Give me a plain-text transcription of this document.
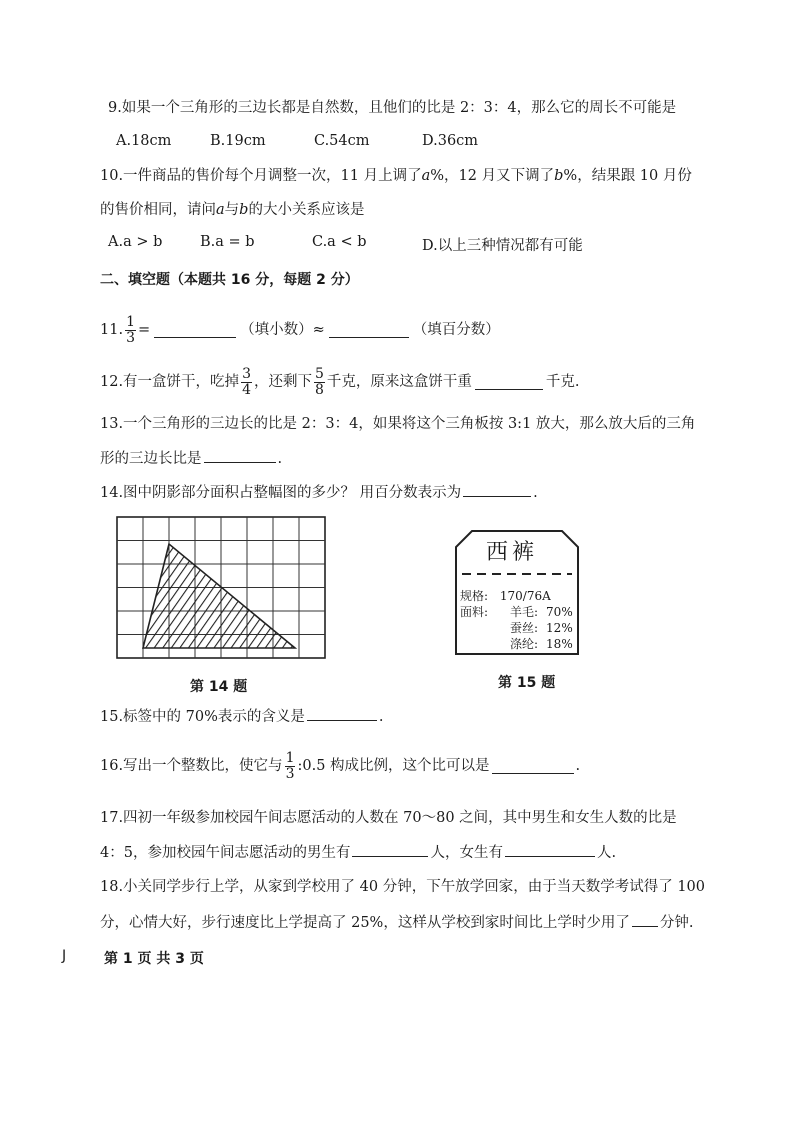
9.如果一个三角形的三边长都是自然数，且他们的比是 2：3：4，那么它的周长不可能是
A.18cm	B.19cm	C.54cm	D.36cm
10.一件商品的售价每个月调整一次，11 月上调了a%，12 月又下调了b%，结果跟 10 月份
的售价相同，请问a与b的大小关系应该是
A.a > b	B.a = b	C.a < b	D.以上三种情况都有可能
二、填空题（本题共 16 分，每题 2 分）
11. $\frac{1}{3}$ =	（填小数）≈	（填百分数）
12.有一盒饼干，吃掉 $\frac{3}{4}$ ，还剩下 $\frac{5}{8}$ 千克，原来这盒饼干重	千克.
13.一个三角形的三边长的比是 2：3：4，如果将这个三角板按 3:1 放大，那么放大后的三角
形的三边长比是	.
14.图中阴影部分面积占整幅图的多少？ 用百分数表示为	.
第 14 题
西裤
规格: 170/76A
面料: 羊毛: 70%
蚕丝: 12%
涤纶: 18%
第 15 题
15.标签中的 70%表示的含义是	.
16.写出一个整数比，使它与 $\frac{1}{3}$ :0.5 构成比例，这个比可以是	.
17.四初一年级参加校园午间志愿活动的人数在 70～80 之间，其中男生和女生人数的比是
4：5，参加校园午间志愿活动的男生有	人，女生有	人.
18.小关同学步行上学，从家到学校用了 40 分钟，下午放学回家，由于当天数学考试得了 100
分，心情大好，步行速度比上学提高了 25%，这样从学校到家时间比上学时少用了 分钟.
J	第 1 页 共 3 页
